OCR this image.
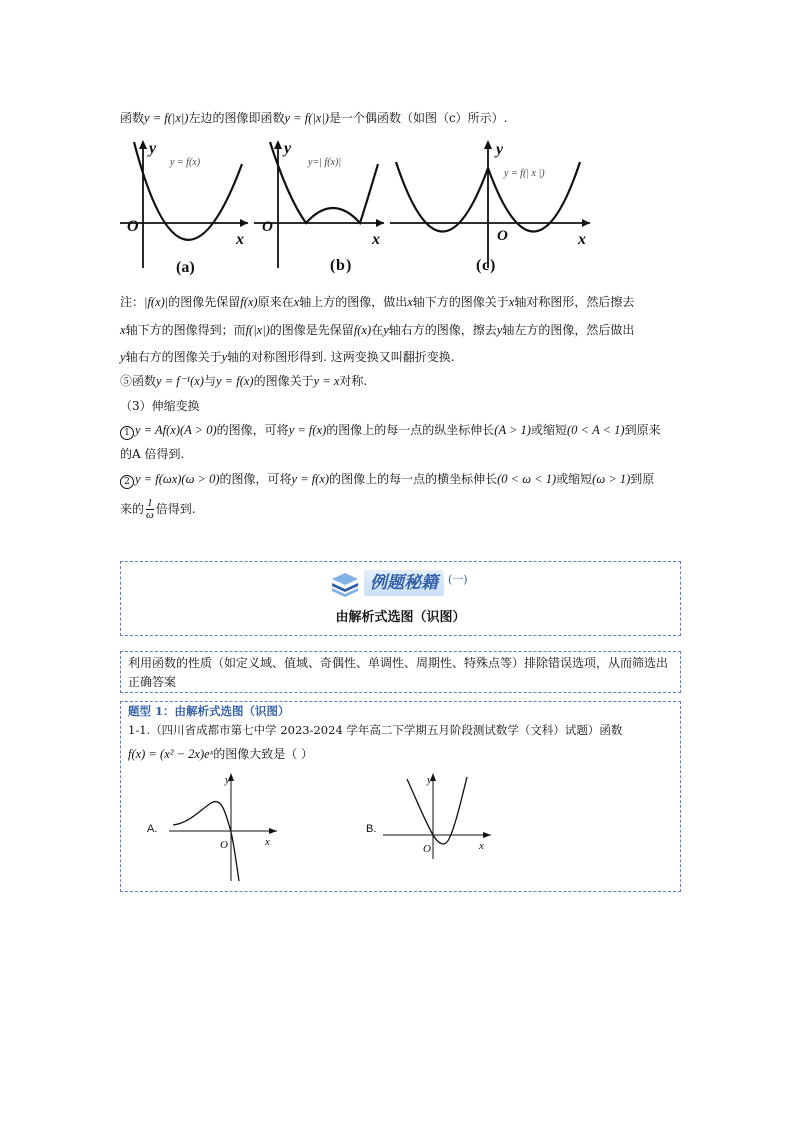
函数y = f(|x|)左边的图像即函数y = f(|x|)是一个偶函数（如图（c）所示）.
y = f(x)
O
x
y
(a)
y=| f(x)|
O
x
y
( b )
y = f(| x |)
O	x
y
( c )
注：|f(x)|的图像先保留f(x)原来在x轴上方的图像，做出x轴下方的图像关于x轴对称图形，然后擦去
x轴下方的图像得到；而f(|x|)的图像是先保留f(x)在y轴右方的图像，擦去y轴左方的图像，然后做出
y轴右方的图像关于y轴的对称图形得到. 这两变换又叫翻折变换.
⑤函数y = f⁻¹(x)与y = f(x)的图像关于y = x对称.
（3）伸缩变换
1 y = Af(x)(A > 0)的图像，可将y = f(x)的图像上的每一点的纵坐标伸长(A > 1)或缩短(0 < A < 1)到原来
的A 倍得到.
2 y = f(ωx)(ω > 0)的图像，可将y = f(x)的图像上的每一点的横坐标伸长(0 < ω < 1)或缩短(ω > 1)到原
来的 $\frac{1}{\omega}$ 倍得到.
例题秘籍 (一)
由解析式选图（识图）
利用函数的性质（如定义域、值域、奇偶性、单调性、周期性、特殊点等）排除错误选项，从而筛选出
正确答案
题型 1：由解析式选图（识图）
1-1.（四川省成都市第七中学 2023-2024 学年高二下学期五月阶段测试数学（文科）试题）函数
f(x) = (x² − 2x)eˣ的图像大致是（ ）
A.
y
x
O
B.
y
x
O
